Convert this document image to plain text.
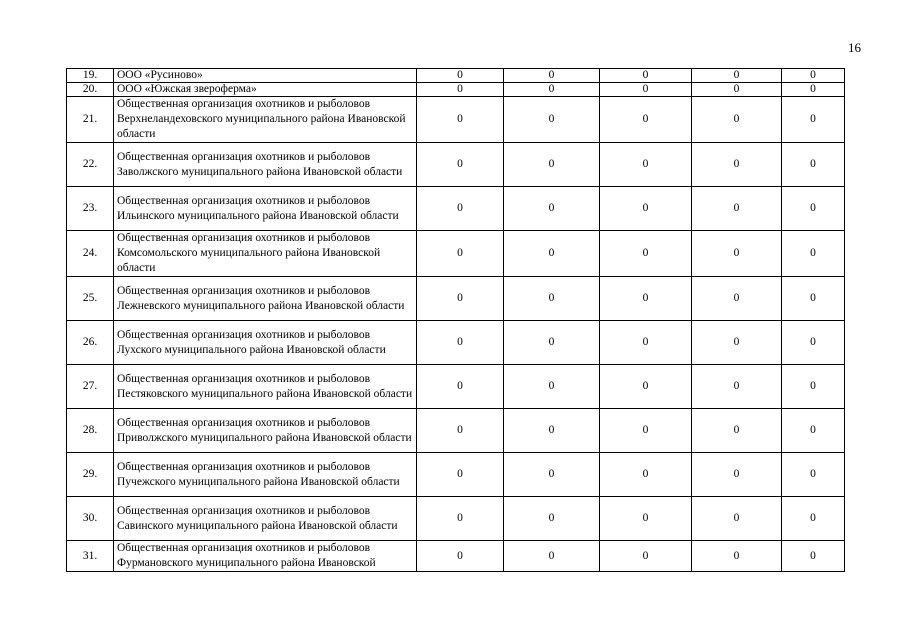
16
19.	ООО «Русиново»	0	0	0	0	0
20.	ООО «Южская звероферма»	0	0	0	0	0
21.	Общественная организация охотников и рыболовов Верхнеландеховского муниципального района Ивановской области	0	0	0	0	0
22.	Общественная организация охотников и рыболовов Заволжского муниципального района Ивановской области	0	0	0	0	0
23.	Общественная организация охотников и рыболовов Ильинского муниципального района Ивановской области	0	0	0	0	0
24.	Общественная организация охотников и рыболовов Комсомольского муниципального района Ивановской области	0	0	0	0	0
25.	Общественная организация охотников и рыболовов Лежневского муниципального района Ивановской области	0	0	0	0	0
26.	Общественная организация охотников и рыболовов Лухского муниципального района Ивановской области	0	0	0	0	0
27.	Общественная организация охотников и рыболовов Пестяковского муниципального района Ивановской области	0	0	0	0	0
28.	Общественная организация охотников и рыболовов Приволжского муниципального района Ивановской области	0	0	0	0	0
29.	Общественная организация охотников и рыболовов Пучежского муниципального района Ивановской области	0	0	0	0	0
30.	Общественная организация охотников и рыболовов Савинского муниципального района Ивановской области	0	0	0	0	0
31.	Общественная организация охотников и рыболовов Фурмановского муниципального района Ивановской	0	0	0	0	0
